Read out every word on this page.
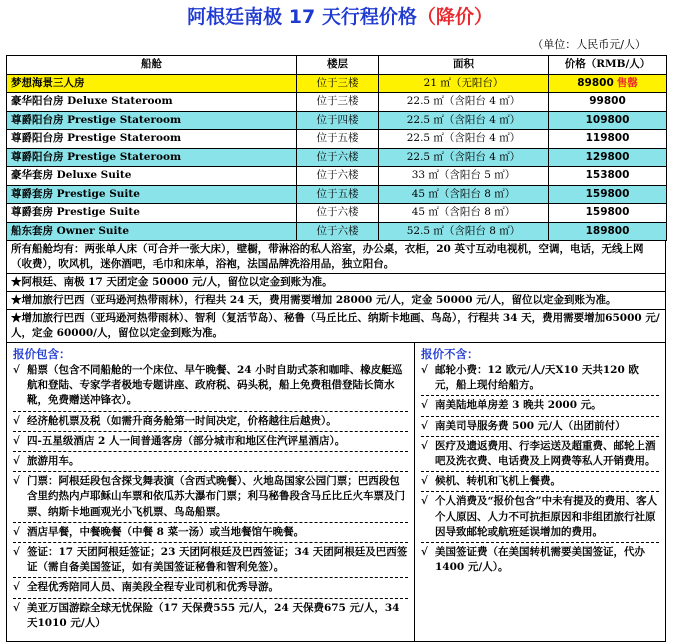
阿根廷南极 17 天行程价格（降价）
（单位：人民币元/人）
船舱	楼层	面积	价格（RMB/人）
梦想海景三人房	位于三楼	21 ㎡（无阳台）	89800 售罄
豪华阳台房 Deluxe Stateroom	位于三楼	22.5 ㎡（含阳台 4 ㎡）	99800
尊爵阳台房 Prestige Stateroom	位于四楼	22.5 ㎡（含阳台 4 ㎡）	109800
尊爵阳台房 Prestige Stateroom	位于五楼	22.5 ㎡（含阳台 4 ㎡）	119800
尊爵阳台房 Prestige Stateroom	位于六楼	22.5 ㎡（含阳台 4 ㎡）	129800
豪华套房 Deluxe Suite	位于六楼	33 ㎡（含阳台 5 ㎡）	153800
尊爵套房 Prestige Suite	位于五楼	45 ㎡（含阳台 8 ㎡）	159800
尊爵套房 Prestige Suite	位于六楼	45 ㎡（含阳台 8 ㎡）	159800
船东套房 Owner Suite	位于六楼	52.5 ㎡（含阳台 8 ㎡）	189800
所有船舱均有：两张单人床（可合并一张大床），壁橱，带淋浴的私人浴室，办公桌，衣柜，20 英寸互动电视机，空调，电话，无线上网（收费），吹风机，迷你酒吧，毛巾和床单，浴袍，法国品牌洗浴用品，独立阳台。
★阿根廷、南极 17 天团定金 50000 元/人，留位以定金到账为准。
★增加旅行巴西（亚玛逊河热带雨林），行程共 24 天，费用需要增加 28000 元/人，定金 50000 元/人，留位以定金到账为准。
★增加旅行巴西（亚玛逊河热带雨林）、智利（复活节岛）、秘鲁（马丘比丘、纳斯卡地画、鸟岛），行程共 34 天，费用需要增加65000 元/人，定金 60000/人，留位以定金到账为准。
报价包含：
√ 船票（包含不同船舱的一个床位、早午晚餐、24 小时自助式茶和咖啡、橡皮艇巡航和登陆、专家学者极地专题讲座、政府税、码头税，船上免费租借登陆长筒水靴，免费赠送冲锋衣）。
√ 经济舱机票及税（如需升商务舱第一时间决定，价格越往后越贵）。
√ 四-五星级酒店 2 人一间普通客房（部分城市和地区住汽评星酒店）。
√ 旅游用车。
√ 门票：阿根廷段包含探戈舞表演（含西式晚餐）、火地岛国家公园门票；巴西段包含里约热内卢耶稣山车票和依瓜苏大瀑布门票；利马秘鲁段含马丘比丘火车票及门票、纳斯卡地画观光小飞机票、鸟岛船票。
√ 酒店早餐，中餐晚餐（中餐 8 菜一汤）或当地餐馆午晚餐。
√ 签证：17 天团阿根廷签证；23 天团阿根廷及巴西签证；34 天团阿根廷及巴西签证（需自备美国签证，如有美国签证秘鲁和智利免签）。
√ 全程优秀陪同人员、南美段全程专业司机和优秀导游。
√ 美亚万国游踪全球无忧保险（17 天保费555 元/人，24 天保费675 元/人，34 天1010 元/人）
报价不含：
√ 邮轮小费：12 欧元/人/天X10 天共120 欧元，船上现付给船方。
√ 南美陆地单房差 3 晚共 2000 元。
√ 南美司导服务费 500 元/人（出团前付）
√ 医疗及遗返费用、行李运送及超重费、邮轮上酒吧及洗衣费、电话费及上网费等私人开销费用。
√ 候机、转机和飞机上餐费。
√ 个人消费及“报价包含”中未有提及的费用、客人个人原因、人力不可抗拒原因和非组团旅行社原因导致邮轮或航班延误增加的费用。
√ 美国签证费（在美国转机需要美国签证，代办 1400 元/人）。
